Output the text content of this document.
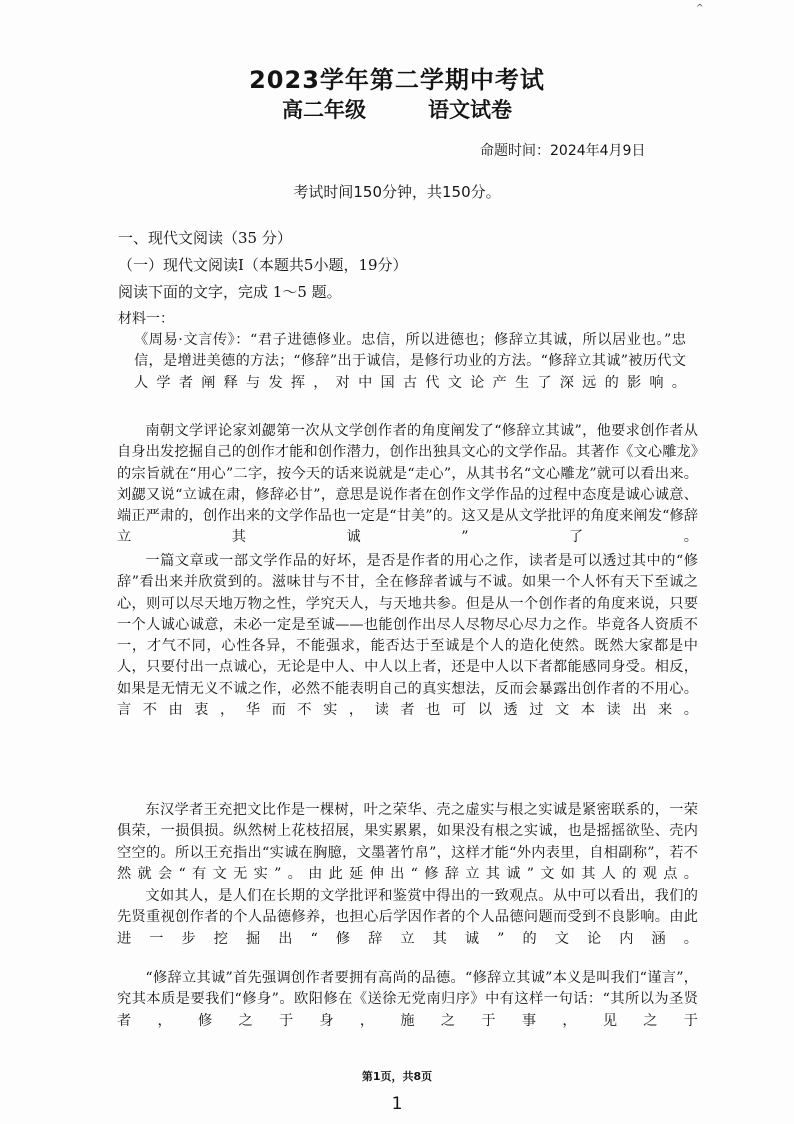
^
2023学年第二学期中考试
高二年级	语文试卷
命题时间：2024年4月9日
考试时间150分钟，共150分。
一、现代文阅读（35 分）
（一）现代文阅读Ⅰ（本题共5小题，19分）
阅读下面的文字，完成 1～5 题。
材料一：

《周易·文言传》：“君子进德修业。忠信，所以进德也；修辞立其诚，所以居业也。”忠信，是增进美德的方法；“修辞”出于诚信，是修行功业的方法。“修辞立其诚”被历代文人学者阐释与发挥，对中国古代文论产生了深远的影响。

南朝文学评论家刘勰第一次从文学创作者的角度阐发了“修辞立其诚”，他要求创作者从自身出发挖掘自己的创作才能和创作潜力，创作出独具文心的文学作品。其著作《文心雕龙》的宗旨就在“用心”二字，按今天的话来说就是“走心”，从其书名“文心雕龙”就可以看出来。刘勰又说“立诚在肃，修辞必甘”，意思是说作者在创作文学作品的过程中态度是诚心诚意、端正严肃的，创作出来的文学作品也一定是“甘美”的。这又是从文学批评的角度来阐发“修辞立其诚”了。

一篇文章或一部文学作品的好坏，是否是作者的用心之作，读者是可以透过其中的“修辞”看出来并欣赏到的。滋味甘与不甘，全在修辞者诚与不诚。如果一个人怀有天下至诚之心，则可以尽天地万物之性，学究天人，与天地共参。但是从一个创作者的角度来说，只要一个人诚心诚意，未必一定是至诚——也能创作出尽人尽物尽心尽力之作。毕竟各人资质不一，才气不同，心性各异，不能强求，能否达于至诚是个人的造化使然。既然大家都是中人，只要付出一点诚心，无论是中人、中人以上者，还是中人以下者都能感同身受。相反，如果是无情无义不诚之作，必然不能表明自己的真实想法，反而会暴露出创作者的不用心。言不由衷，华而不实，读者也可以透过文本读出来。

东汉学者王充把文比作是一棵树，叶之荣华、壳之虚实与根之实诚是紧密联系的，一荣俱荣，一损俱损。纵然树上花枝招展，果实累累，如果没有根之实诚，也是摇摇欲坠、壳内空空的。所以王充指出“实诚在胸臆，文墨著竹帛”，这样才能“外内表里，自相副称”，若不然就会“有文无实”。由此延伸出“修辞立其诚”文如其人的观点。

文如其人，是人们在长期的文学批评和鉴赏中得出的一致观点。从中可以看出，我们的先贤重视创作者的个人品德修养，也担心后学因作者的个人品德问题而受到不良影响。由此进一步挖掘出“修辞立其诚”的文论内涵。

“修辞立其诚”首先强调创作者要拥有高尚的品德。“修辞立其诚”本义是叫我们“谨言”，究其本质是要我们“修身”。欧阳修在《送徐无党南归序》中有这样一句话：“其所以为圣贤者，修之于身，施之于事，见之于

第1页，共8页
1
